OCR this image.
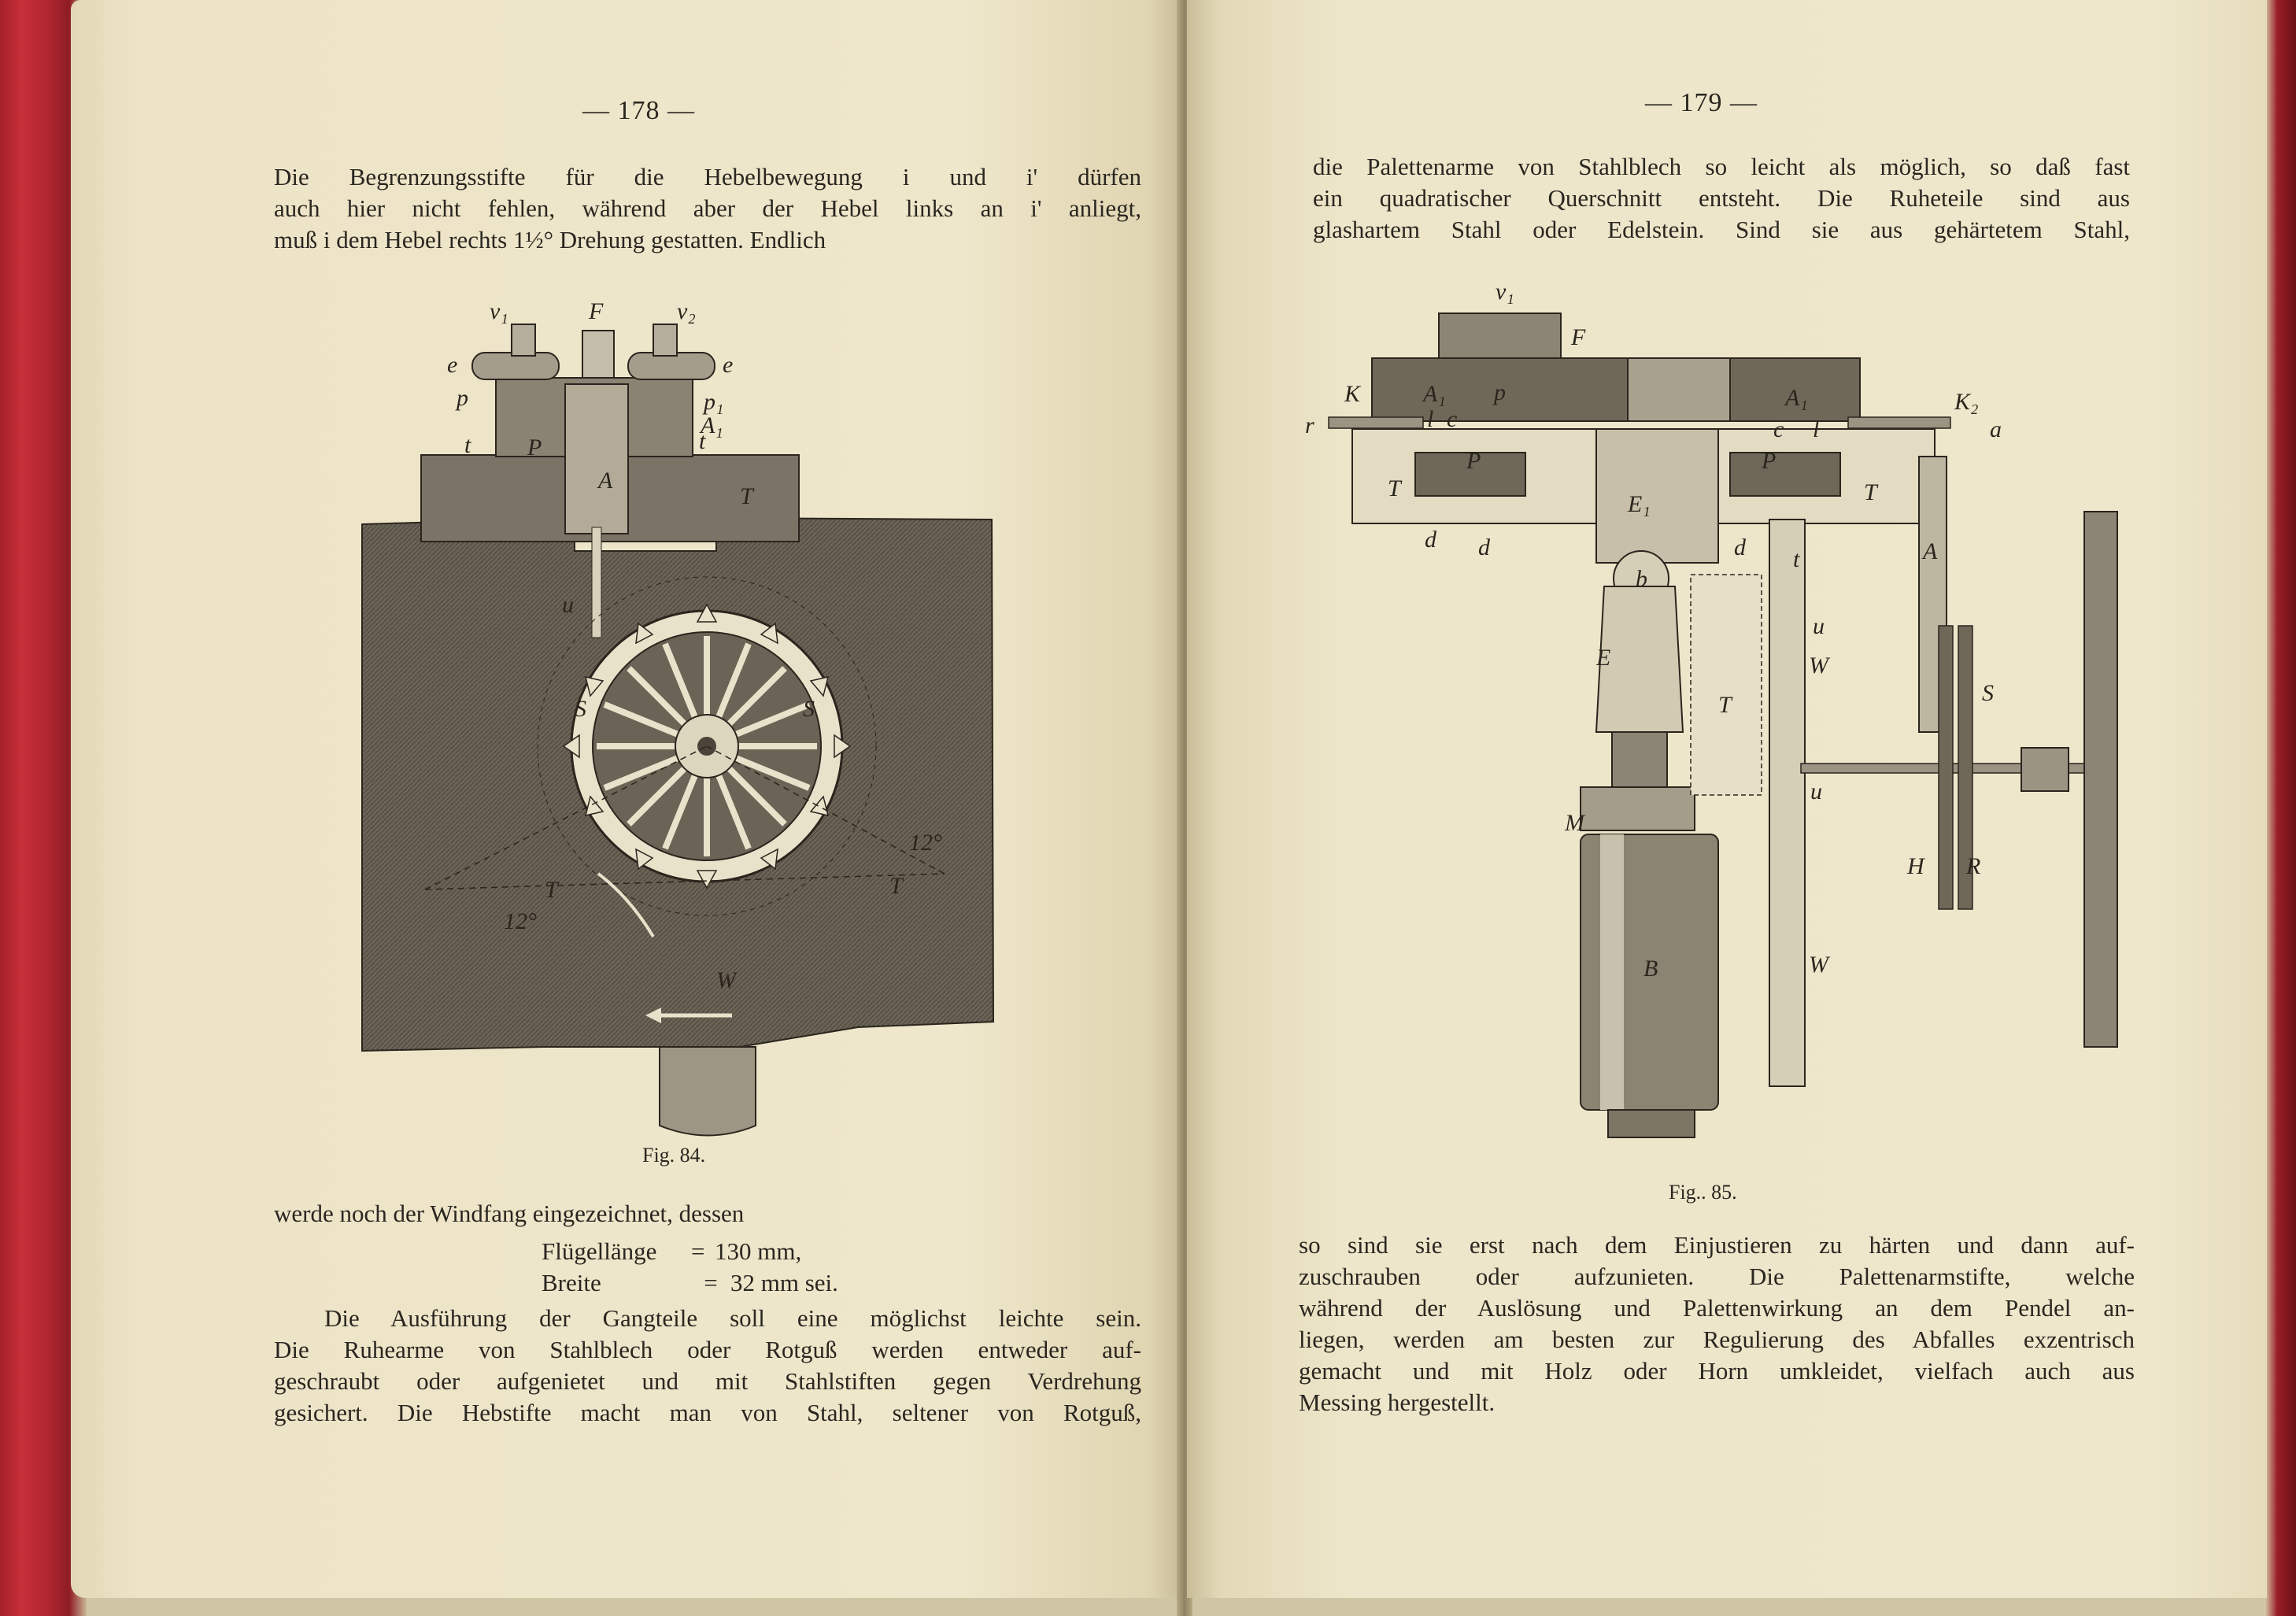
— 178 —

Die Begrenzungsstifte für die Hebelbewegung i und i' dürfen

auch hier nicht fehlen, während aber der Hebel links an i' anliegt,

muß i dem Hebel rechts 1½° Drehung gestatten. Endlich

v₁	F	v₂
e	e
p	p₁
A₁
t	t
P
A
T
u
S	S
12°
12°
T	T
W
Fig. 84.

werde noch der Windfang eingezeichnet, dessen

Flügellänge = 130 mm,
Breite	= 32 mm sei.

Die Ausführung der Gangteile soll eine möglichst leichte sein.

Die Ruhearme von Stahlblech oder Rotguß werden entweder auf-

geschraubt oder aufgenietet und mit Stahlstiften gegen Verdrehung

gesichert. Die Hebstifte macht man von Stahl, seltener von Rotguß,

— 179 —

die Palettenarme von Stahlblech so leicht als möglich, so daß fast

ein quadratischer Querschnitt entsteht. Die Ruheteile sind aus

glashartem Stahl oder Edelstein. Sind sie aus gehärtetem Stahl,

v₁
F
K	K₂
r	a
A₁	A₁
p
c	c
l	l
P	P
T	T
d d	d t
E₁
b
A
u
W
E
T	S
u
M
H R
B	W
Fig.. 85.

so sind sie erst nach dem Einjustieren zu härten und dann auf-

zuschrauben oder aufzunieten. Die Palettenarmstifte, welche

während der Auslösung und Palettenwirkung an dem Pendel an-

liegen, werden am besten zur Regulierung des Abfalles exzentrisch

gemacht und mit Holz oder Horn umkleidet, vielfach auch aus

Messing hergestellt.
